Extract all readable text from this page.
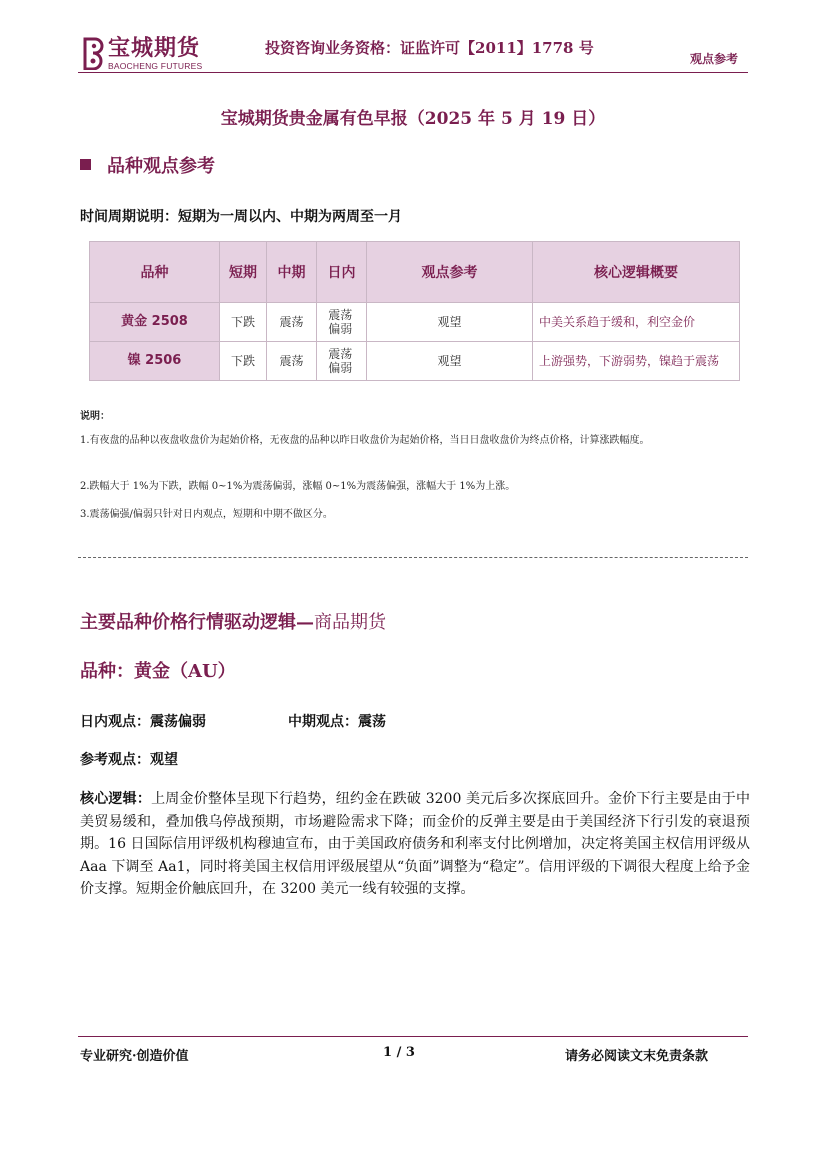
宝城期货
BAOCHENG FUTURES
投资咨询业务资格：证监许可【2011】1778 号
观点参考
宝城期货贵金属有色早报（2025 年 5 月 19 日）
品种观点参考
时间周期说明：短期为一周以内、中期为两周至一月
品种	短期	中期	日内	观点参考	核心逻辑概要
黄金 2508	下跌	震荡	震荡偏弱	观望	中美关系趋于缓和，利空金价
镍 2506	下跌	震荡	震荡偏弱	观望	上游强势，下游弱势，镍趋于震荡
说明：
1.有夜盘的品种以夜盘收盘价为起始价格，无夜盘的品种以昨日收盘价为起始价格，当日日盘收盘价为终点价格，计算涨跌幅度。
2.跌幅大于 1%为下跌，跌幅 0~1%为震荡偏弱，涨幅 0~1%为震荡偏强，涨幅大于 1%为上涨。
3.震荡偏强/偏弱只针对日内观点，短期和中期不做区分。
主要品种价格行情驱动逻辑—商品期货
品种：黄金（AU）
日内观点：震荡偏弱	中期观点：震荡
参考观点：观望
核心逻辑：上周金价整体呈现下行趋势，纽约金在跌破 3200 美元后多次探底回升。金价下行主要是由于中美贸易缓和，叠加俄乌停战预期，市场避险需求下降；而金价的反弹主要是由于美国经济下行引发的衰退预期。16 日国际信用评级机构穆迪宣布，由于美国政府债务和利率支付比例增加，决定将美国主权信用评级从 Aaa 下调至 Aa1，同时将美国主权信用评级展望从“负面”调整为“稳定”。信用评级的下调很大程度上给予金价支撑。短期金价触底回升，在 3200 美元一线有较强的支撑。
专业研究·创造价值	1 / 3	请务必阅读文末免责条款
